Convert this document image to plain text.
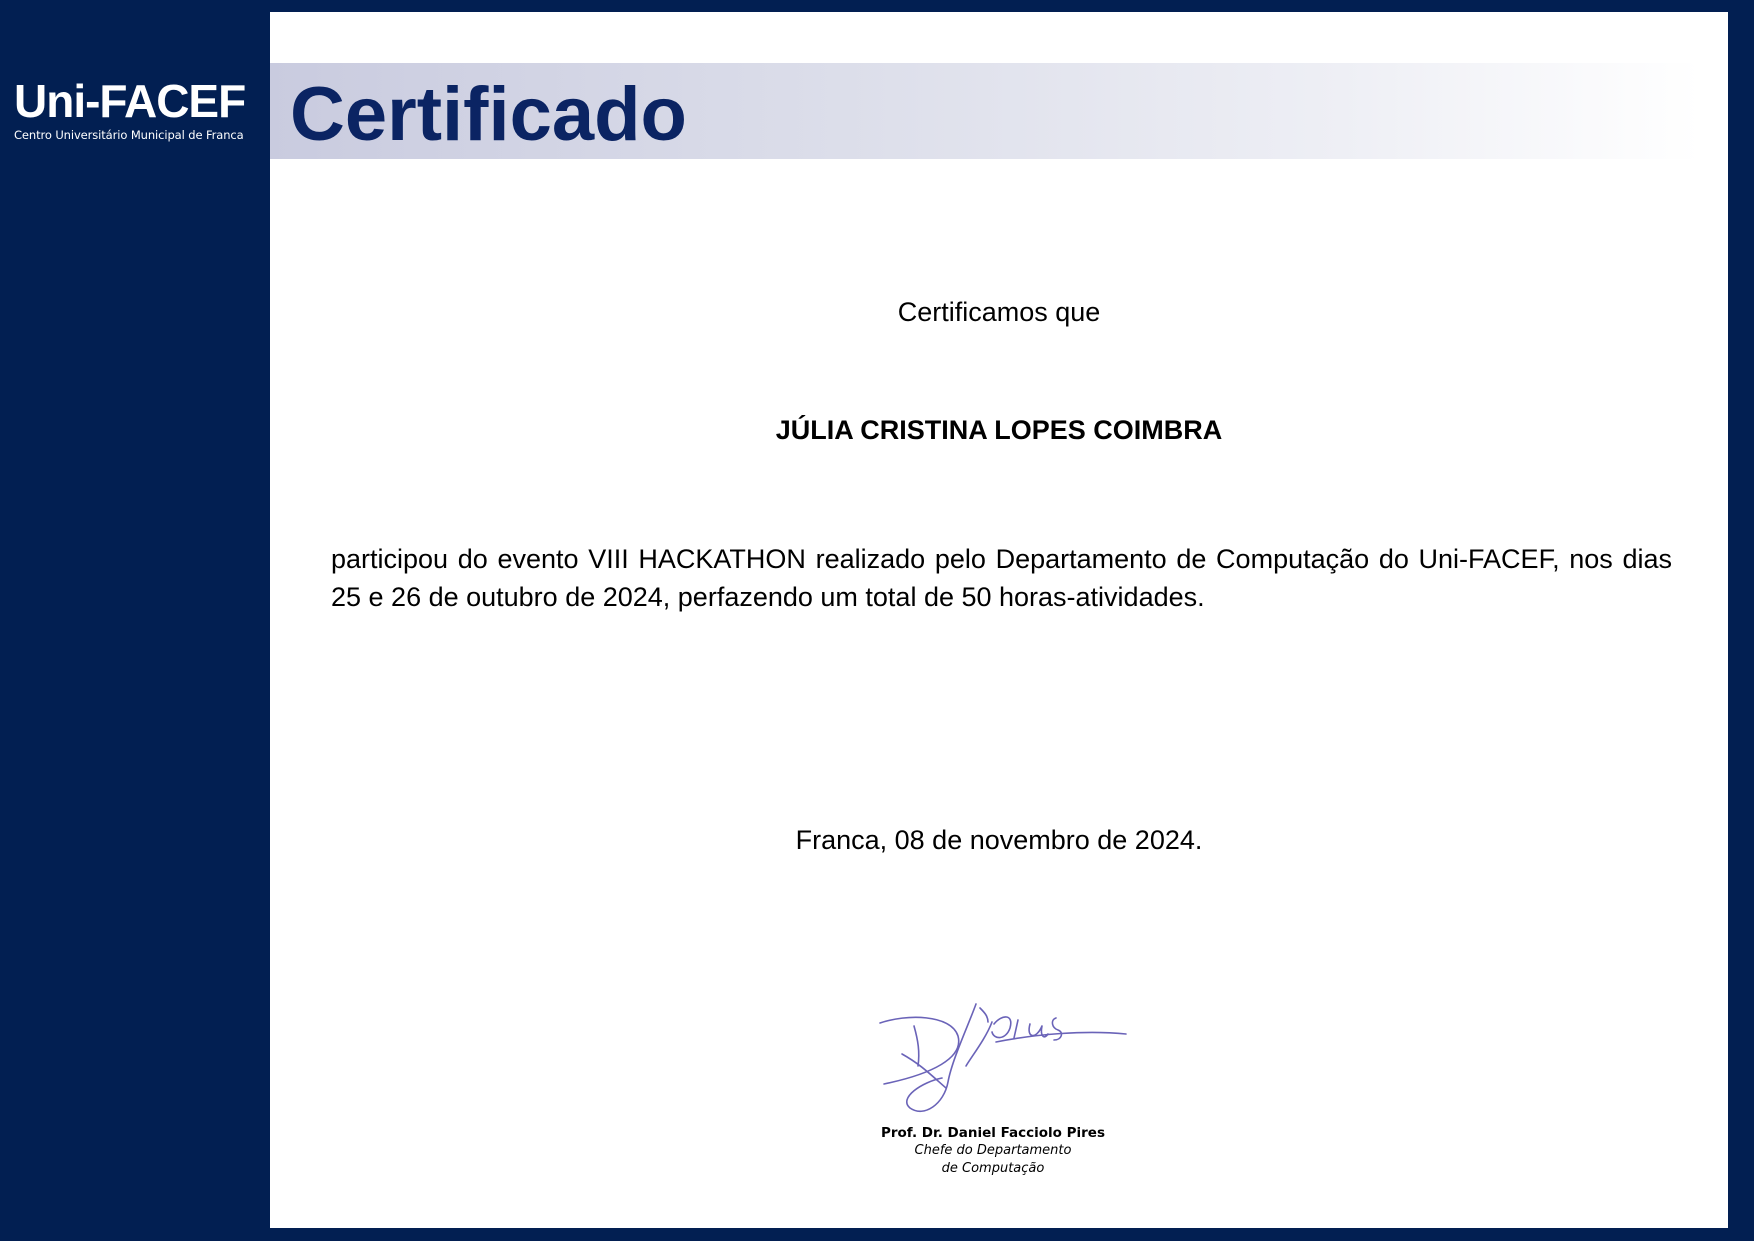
Uni-FACEF
Centro Universitário Municipal de Franca Certificado
Certificamos que
JÚLIA CRISTINA LOPES COIMBRA

participou do evento VIII HACKATHON realizado pelo Departamento de Computação do Uni-FACEF, nos dias 25 e 26 de outubro de 2024, perfazendo um total de 50 horas-atividades.

Franca, 08 de novembro de 2024.
Prof. Dr. Daniel Facciolo Pires
Chefe do Departamento
de Computação
